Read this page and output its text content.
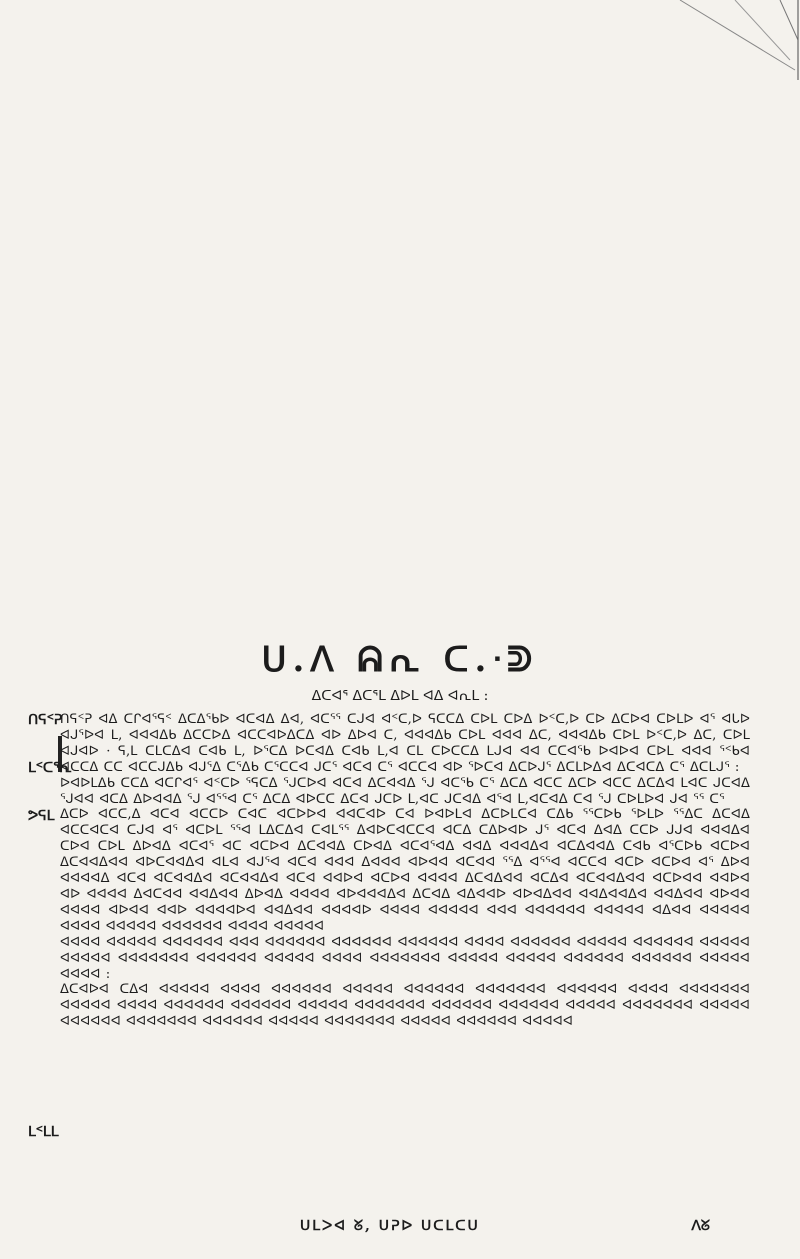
ᑌ.ᐱ ᕱᕆ ᑕ.ᐧᕲ
ᐃᑕᐊᕐ ᐃᑕᕐᒪ ᐃᐅᒪ ᐊᐃ ᐊᕆᒪ :
ᑎᕋᑉᕈ
ᒪᑉᑕᕐᕆ
ᕗᕋᒪ
ᒪᑉᒪᒪ

ᑎᕋᑉᕈ ᐊᐃ ᑕᒋᐊᕐᕋᑉ ᐃᑕᐃᕐᑲᐅ ᐊᑕᐊᐃ ᐃᐊ, ᐊᑕᕐᕐ ᑕᒍᐊ ᐊᑉᑕ,ᐅ ᕋᑕᑕᐃ ᑕᐅᒪ ᑕᐅᐃ ᐅᑉᑕ,ᐅ ᑕᐅ ᐃᑕᐅᐊ ᑕᐅᒪᐅ ᐊᕐ ᐊᒐᐅ ᐊᒍᕐᐅᐊ ᒪ, ᐊᐊᐊᐃᑲ ᐃᑕᑕᐅᐃ ᐊᑕᑕᐊᐅᐃᑕᐃ ᐊᐅ ᐃᐅᐊ ᑕ, ᐊᐊᐊᐃᑲ ᑕᐅᒪ ᐊᐊᐊ ᐃᑕ, ᐊᐊᐊᐃᑲ ᑕᐅᒪ ᐅᑉᑕ,ᐅ ᐃᑕ, ᑕᐅᒪ ᐊᒍᐊᐅ · ᕋ,ᒪ ᑕᒪᑕᐃᐊ ᑕᐊᑲ ᒪ, ᐅᕐᑕᐃ ᐅᑕᐊᐃ ᑕᐊᑲ ᒪ,ᐊ ᑕᒪ ᑕᐅᑕᑕᐃ ᒪᒍᐊ ᐊᐊ ᑕᑕᐊᕐᑲ ᐅᐊᐅᐊ ᑕᐅᒪ ᐊᐊᐊ ᕐᑉᑲᐊ ᐊᑕᑕᐃ ᑕᑕ ᐊᑕᑕᒍᐃᑲ ᐊᒍᕐᐃ ᑕᕐᐃᑲ ᑕᕐᑕᑕᐊ ᒍᑕᕐ ᐊᑕᐊ ᑕᕐ ᐊᑕᑕᐊ ᐊᐅ ᕐᐅᑕᐊ ᐃᑕᐅᒍᕐ ᐃᑕᒪᐅᐃᐊ ᐃᑕᐊᑕᐃ ᑕᕐ ᐃᑕᒪᒍᕐ :

ᐅᐊᐅᒪᐃᑲ ᑕᑕᐃ ᐊᑕᒋᐊᕐ ᐊᑉᑕᐅ ᕐᕋᑕᐃ ᕐᒍᑕᐅᐊ ᐊᑕᐊ ᐃᑕᐊᐊᐃ ᕐᒍ ᐊᑕᕐᑲ ᑕᕐ ᐃᑕᐃ ᐊᑕᑕ ᐃᑕᐅ ᐊᑕᑕ ᐃᑕᐃᐊ ᒪᐊᑕ ᒍᑕᐊᐃ ᕐᒍᐊᐊ ᐊᑕᐃ ᐃᐅᐊᐊᐃ ᕐᒍ ᐊᕐᕐᐊ ᑕᕐ ᐃᑕᐃ ᐊᐅᑕᑕ ᐃᑕᐊ ᒍᑕᐅ ᒪ,ᐊᑕ ᒍᑕᐊᐃ ᐊᕐᐊ ᒪ,ᐊᑕᐊᐃ ᑕᐊ ᕐᒍ ᑕᐅᒪᐅᐊ ᒍᐊ ᕐᕐ ᑕᕐ

ᐃᑕᐅ ᐊᑕᑕ,ᐃ ᐊᑕᐊ ᐊᑕᑕᐅ ᑕᐊᑕ ᐊᑕᐅᐅᐊ ᐊᐊᑕᐊᐅ ᑕᐊ ᐅᐊᐅᒪᐊ ᐃᑕᐅᒪᑕᐊ ᑕᐃᑲ ᕐᕐᑕᐅᑲ ᕐᐅᒪᐅ ᕐᕐᐃᑕ ᐃᑕᐊᐃ ᐊᑕᑕᐊᑕᐊ ᑕᒍᐊ ᐊᕐ ᐊᑕᐅᒪ ᕐᕐᐊ ᒪᐃᑕᐃᐊ ᑕᐊᒪᕐᕐ ᐃᐊᐅᑕᐊᑕᑕᐊ ᐊᑕᐃ ᑕᐃᐅᐊᐅ ᒍᕐ ᐊᑕᐊ ᐃᐊᐃ ᑕᑕᐅ ᒍᒍᐊ ᐊᐊᐊᐃᐊ ᑕᐅᐊ ᑕᐅᒪ ᐃᐅᐊᐃ ᐊᑕᐊᕐ ᐊᑕ ᐊᑕᐅᐊ ᐃᑕᐊᐊᐃ ᑕᐅᐊᐃ ᐊᑕᐊᕐᐊᐃ ᐊᐊᐃ ᐊᐊᐊᐃᐊ ᐊᑕᐃᐊᐊᐃ ᑕᐊᑲ ᐊᕐᑕᐅᑲ ᐊᑕᐅᐊ ᐃᑕᐊᐊᐃᐊᐊ ᐊᐅᑕᐊᐊᐃᐊ ᐊᒪᐊ ᐊᒍᕐᐊ ᐊᑕᐊ ᐊᐊᐊ ᐃᐊᐊᐊ ᐊᐅᐊᐊ ᐊᑕᐊᐊ ᕐᕐᐃ ᐊᕐᕐᐊ ᐊᑕᑕᐊ ᐊᑕᐅ ᐊᑕᐅᐊ ᐊᕐ ᐃᐅᐊ ᐊᐊᐊᐊᐃ ᐊᑕᐊ ᐊᑕᐊᐊᐃᐊ ᐊᑕᐊᐊᐃᐊ ᐊᑕᐊ ᐊᐊᐅᐊ ᐊᑕᐅᐊ ᐊᐊᐊᐊ ᐃᑕᐊᐃᐊᐊ ᐊᑕᐃᐊ ᐊᑕᐊᐊᐃᐊᐊ ᐊᑕᐅᐊᐊ ᐊᐊᐅᐊ ᐊᐅ ᐊᐊᐊᐊ ᐃᐊᑕᐊᐊ ᐊᐊᐃᐊᐊ ᐃᐅᐊᐃ ᐊᐊᐊᐊ ᐊᐅᐊᐊᐊᐃᐊ ᐃᑕᐊᐃ ᐊᐃᐊᐊᐅ ᐊᐅᐊᐃᐊᐊ ᐊᐊᐃᐊᐊᐃᐊ ᐊᐊᐃᐊᐊ ᐊᐅᐊᐊ ᐊᐊᐊᐊ ᐊᐅᐊᐊ ᐊᐊᐅ ᐊᐊᐊᐊᐅᐊ ᐊᐊᐃᐊᐊ ᐊᐊᐊᐊᐅ ᐊᐊᐊᐊ ᐊᐊᐊᐊᐊ ᐊᐊᐊ ᐊᐊᐊᐊᐊᐊ ᐊᐊᐊᐊᐊ ᐊᐃᐊᐊ ᐊᐊᐊᐊᐊ ᐊᐊᐊᐊ ᐊᐊᐊᐊᐊ ᐊᐊᐊᐊᐊᐊ ᐊᐊᐊᐊ ᐊᐊᐊᐊᐊ

ᐊᐊᐊᐊ ᐊᐊᐊᐊᐊ ᐊᐊᐊᐊᐊᐊ ᐊᐊᐊ ᐊᐊᐊᐊᐊᐊ ᐊᐊᐊᐊᐊᐊ ᐊᐊᐊᐊᐊᐊ ᐊᐊᐊᐊ ᐊᐊᐊᐊᐊᐊ ᐊᐊᐊᐊᐊ ᐊᐊᐊᐊᐊᐊ ᐊᐊᐊᐊᐊ ᐊᐊᐊᐊᐊ ᐊᐊᐊᐊᐊᐊᐊ ᐊᐊᐊᐊᐊᐊ ᐊᐊᐊᐊᐊ ᐊᐊᐊᐊ ᐊᐊᐊᐊᐊᐊᐊ ᐊᐊᐊᐊᐊ ᐊᐊᐊᐊᐊ ᐊᐊᐊᐊᐊᐊ ᐊᐊᐊᐊᐊᐊ ᐊᐊᐊᐊᐊ ᐊᐊᐊᐊ :

ᐃᑕᐊᐅᐊ ᑕᐃᐊ ᐊᐊᐊᐊᐊ ᐊᐊᐊᐊ ᐊᐊᐊᐊᐊᐊ ᐊᐊᐊᐊᐊ ᐊᐊᐊᐊᐊᐊ ᐊᐊᐊᐊᐊᐊᐊ ᐊᐊᐊᐊᐊᐊ ᐊᐊᐊᐊ ᐊᐊᐊᐊᐊᐊᐊ ᐊᐊᐊᐊᐊ ᐊᐊᐊᐊ ᐊᐊᐊᐊᐊᐊ ᐊᐊᐊᐊᐊᐊ ᐊᐊᐊᐊᐊ ᐊᐊᐊᐊᐊᐊᐊ ᐊᐊᐊᐊᐊᐊ ᐊᐊᐊᐊᐊᐊ ᐊᐊᐊᐊᐊ ᐊᐊᐊᐊᐊᐊᐊ ᐊᐊᐊᐊᐊ ᐊᐊᐊᐊᐊᐊ ᐊᐊᐊᐊᐊᐊᐊ ᐊᐊᐊᐊᐊᐊ ᐊᐊᐊᐊᐊ ᐊᐊᐊᐊᐊᐊᐊ ᐊᐊᐊᐊᐊ ᐊᐊᐊᐊᐊᐊ ᐊᐊᐊᐊᐊ

ᑌᒪᐳᐊ ᘜ, ᑌᕈᐅ ᑌᑕᒪᑕᑌ	ᐱᘜ
